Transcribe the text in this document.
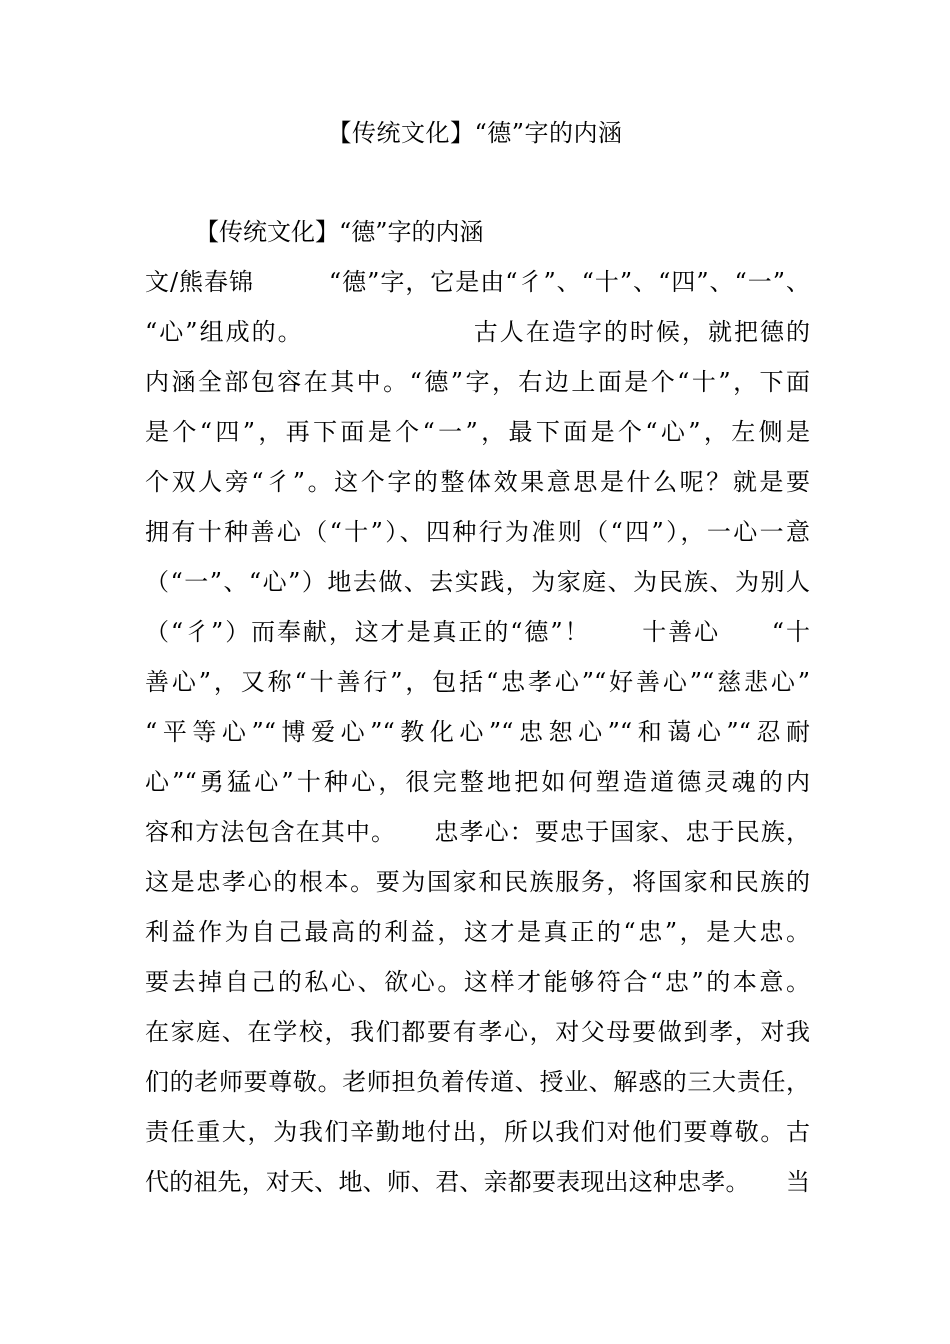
【传统文化】“德”字的内涵
【传统文化】“德”字的内涵
文/熊春锦　　　“德”字，它是由“彳”、“十”、“四”、“一”、
“心”组成的。　　　　　　　古人在造字的时候，就把德的
内涵全部包容在其中。“德”字，右边上面是个“十”，下面
是个“四”，再下面是个“一”，最下面是个“心”，左侧是
个双人旁“彳”。这个字的整体效果意思是什么呢？就是要
拥有十种善心（“十”）、四种行为准则（“四”），一心一意
（“一”、“心”）地去做、去实践，为家庭、为民族、为别人
（“彳”）而奉献，这才是真正的“德”！　　十善心　　“十
善心”，又称“十善行”，包括“忠孝心”“好善心”“慈悲心”
“平等心”“博爱心”“教化心”“忠恕心”“和蔼心”“忍耐
心”“勇猛心”十种心，很完整地把如何塑造道德灵魂的内
容和方法包含在其中。　　忠孝心：要忠于国家、忠于民族，
这是忠孝心的根本。要为国家和民族服务，将国家和民族的
利益作为自己最高的利益，这才是真正的“忠”，是大忠。
要去掉自己的私心、欲心。这样才能够符合“忠”的本意。
在家庭、在学校，我们都要有孝心，对父母要做到孝，对我
们的老师要尊敬。老师担负着传道、授业、解惑的三大责任，
责任重大，为我们辛勤地付出，所以我们对他们要尊敬。古
代的祖先，对天、地、师、君、亲都要表现出这种忠孝。　　当
